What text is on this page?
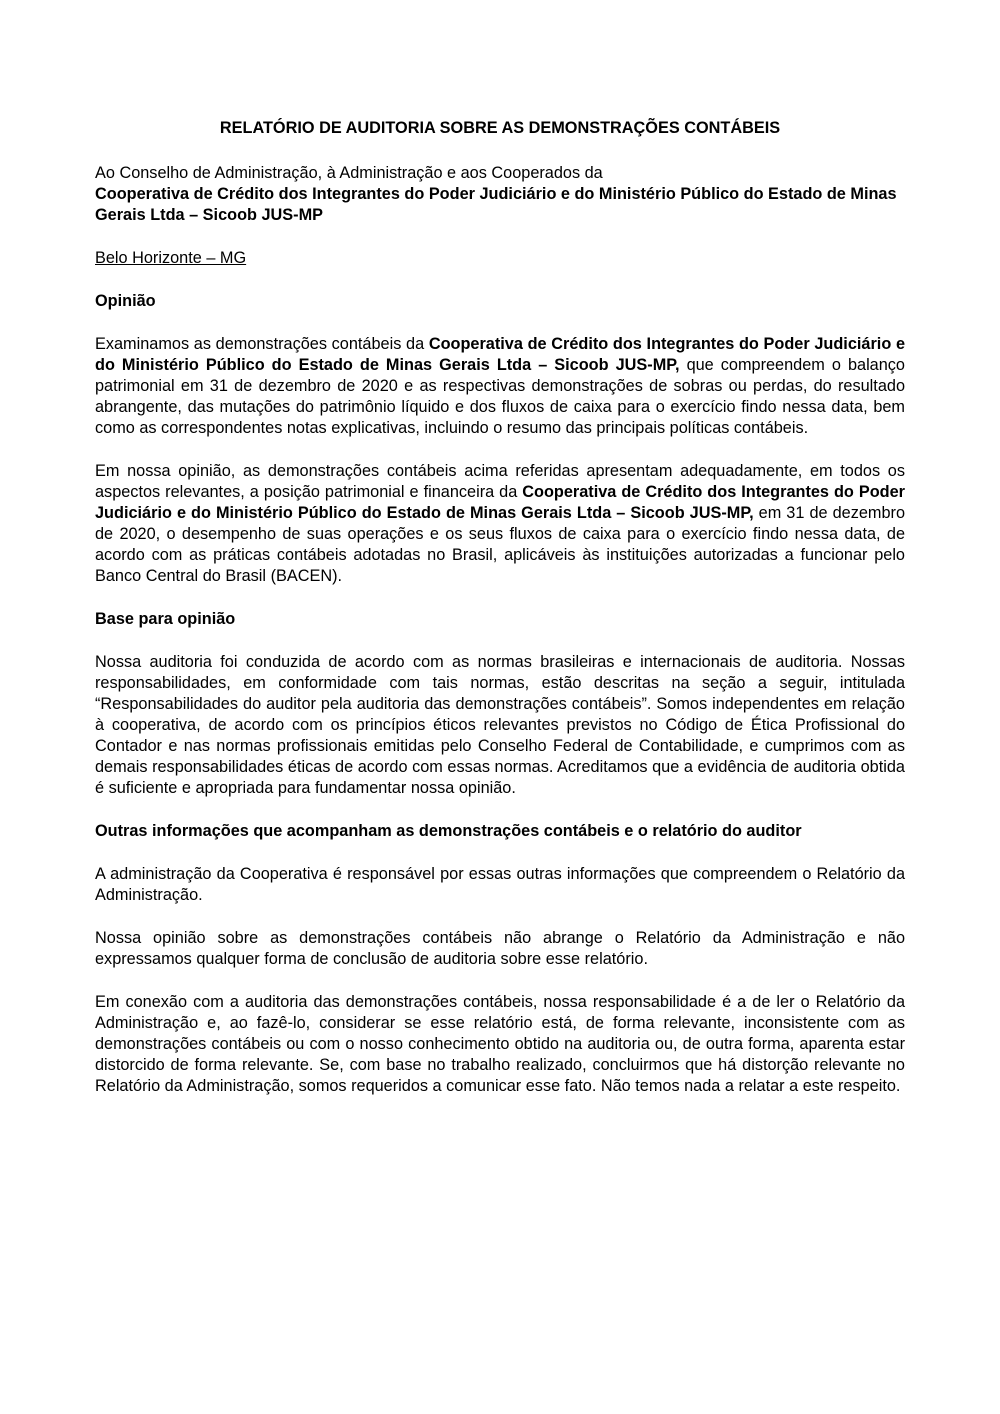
RELATÓRIO DE AUDITORIA SOBRE AS DEMONSTRAÇÕES CONTÁBEIS
Ao Conselho de Administração, à Administração e aos Cooperados da
Cooperativa de Crédito dos Integrantes do Poder Judiciário e do Ministério Público do Estado de Minas Gerais Ltda – Sicoob JUS-MP
Belo Horizonte – MG
Opinião

Examinamos as demonstrações contábeis da Cooperativa de Crédito dos Integrantes do Poder Judiciário e do Ministério Público do Estado de Minas Gerais Ltda – Sicoob JUS-MP, que compreendem o balanço patrimonial em 31 de dezembro de 2020 e as respectivas demonstrações de sobras ou perdas, do resultado abrangente, das mutações do patrimônio líquido e dos fluxos de caixa para o exercício findo nessa data, bem como as correspondentes notas explicativas, incluindo o resumo das principais políticas contábeis.

Em nossa opinião, as demonstrações contábeis acima referidas apresentam adequadamente, em todos os aspectos relevantes, a posição patrimonial e financeira da Cooperativa de Crédito dos Integrantes do Poder Judiciário e do Ministério Público do Estado de Minas Gerais Ltda – Sicoob JUS-MP, em 31 de dezembro de 2020, o desempenho de suas operações e os seus fluxos de caixa para o exercício findo nessa data, de acordo com as práticas contábeis adotadas no Brasil, aplicáveis às instituições autorizadas a funcionar pelo Banco Central do Brasil (BACEN).

Base para opinião

Nossa auditoria foi conduzida de acordo com as normas brasileiras e internacionais de auditoria. Nossas responsabilidades, em conformidade com tais normas, estão descritas na seção a seguir, intitulada “Responsabilidades do auditor pela auditoria das demonstrações contábeis”. Somos independentes em relação à cooperativa, de acordo com os princípios éticos relevantes previstos no Código de Ética Profissional do Contador e nas normas profissionais emitidas pelo Conselho Federal de Contabilidade, e cumprimos com as demais responsabilidades éticas de acordo com essas normas. Acreditamos que a evidência de auditoria obtida é suficiente e apropriada para fundamentar nossa opinião.

Outras informações que acompanham as demonstrações contábeis e o relatório do auditor

A administração da Cooperativa é responsável por essas outras informações que compreendem o Relatório da Administração.

Nossa opinião sobre as demonstrações contábeis não abrange o Relatório da Administração e não expressamos qualquer forma de conclusão de auditoria sobre esse relatório.

Em conexão com a auditoria das demonstrações contábeis, nossa responsabilidade é a de ler o Relatório da Administração e, ao fazê-lo, considerar se esse relatório está, de forma relevante, inconsistente com as demonstrações contábeis ou com o nosso conhecimento obtido na auditoria ou, de outra forma, aparenta estar distorcido de forma relevante. Se, com base no trabalho realizado, concluirmos que há distorção relevante no Relatório da Administração, somos requeridos a comunicar esse fato. Não temos nada a relatar a este respeito.
